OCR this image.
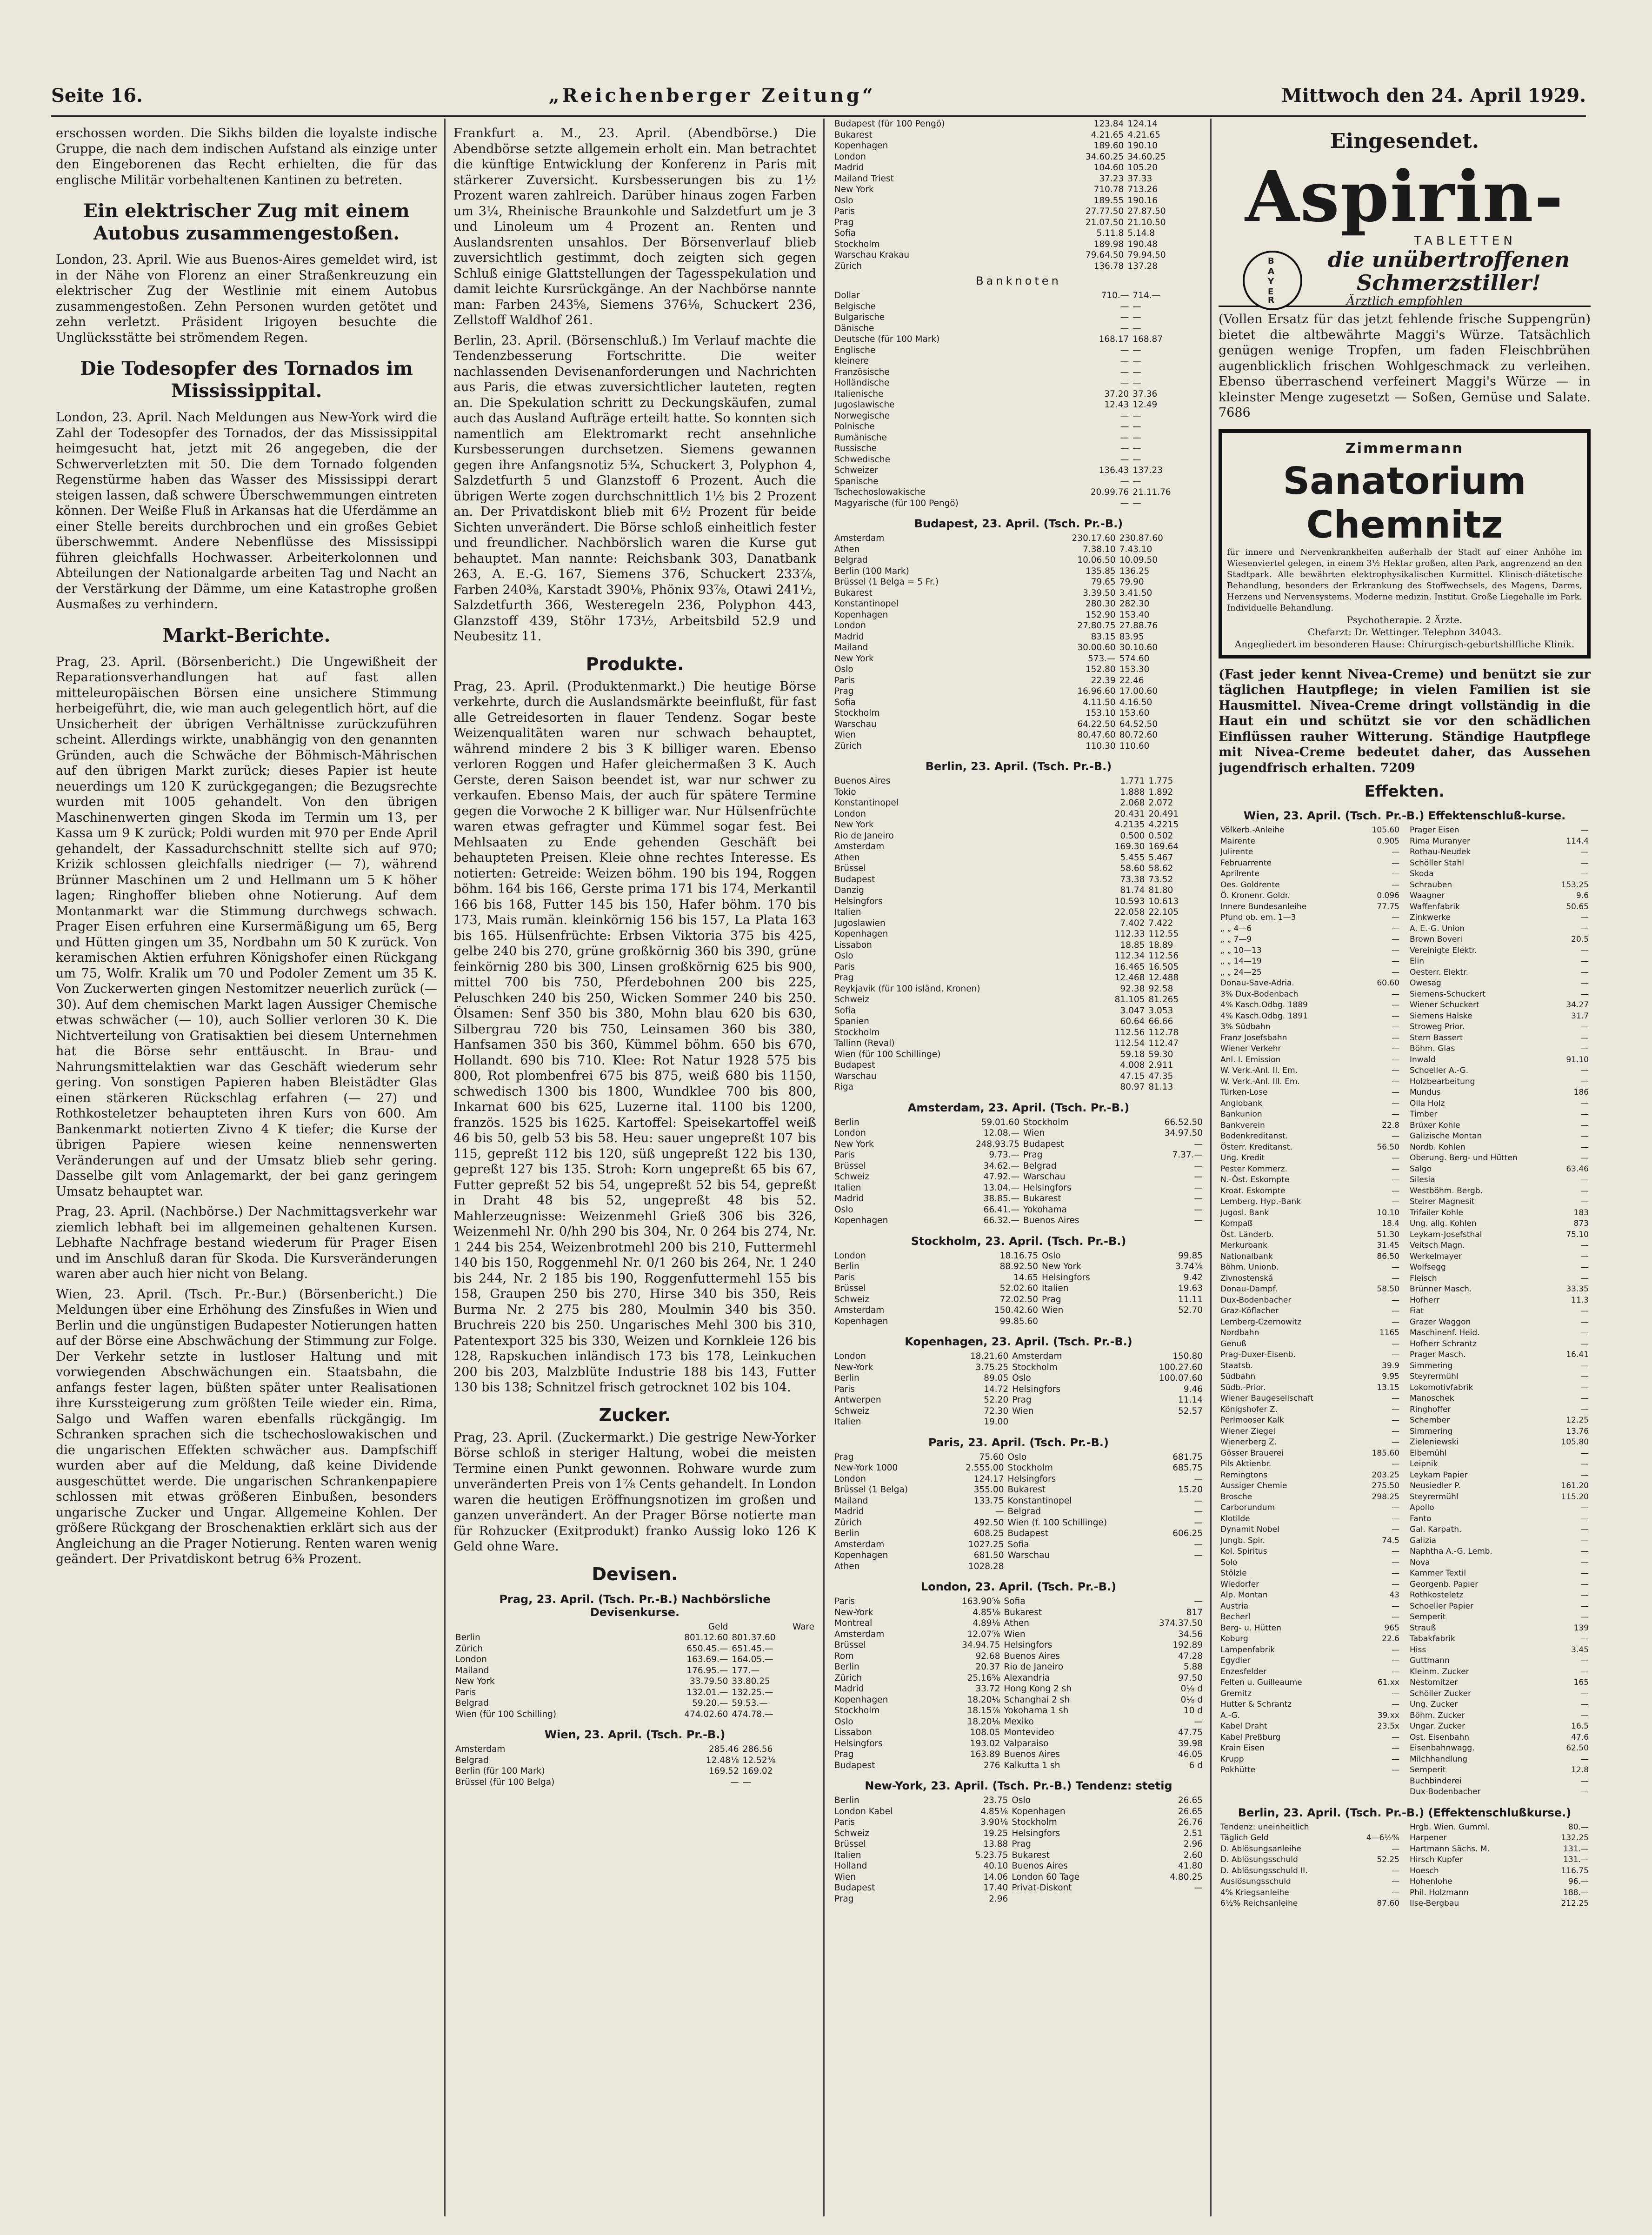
Seite 16.	„Reichenberger Zeitung“	Mittwoch den 24. April 1929.

erschossen worden. Die Sikhs bilden die loyalste indische Gruppe, die nach dem indischen Aufstand als einzige unter den Eingeborenen das Recht erhielten, die für das englische Militär vorbehaltenen Kantinen zu betreten.

Ein elektrischer Zug mit einem Autobus zusammengestoßen.

London, 23. April. Wie aus Buenos-Aires gemeldet wird, ist in der Nähe von Florenz an einer Straßenkreuzung ein elektrischer Zug der Westlinie mit einem Autobus zusammengestoßen. Zehn Personen wurden getötet und zehn verletzt. Präsident Irigoyen besuchte die Unglücksstätte bei strömendem Regen.

Die Todesopfer des Tornados im Mississippital.

London, 23. April. Nach Meldungen aus New-York wird die Zahl der Todesopfer des Tornados, der das Mississippital heimgesucht hat, jetzt mit 26 angegeben, die der Schwerverletzten mit 50. Die dem Tornado folgenden Regenstürme haben das Wasser des Mississippi derart steigen lassen, daß schwere Überschwemmungen eintreten können. Der Weiße Fluß in Arkansas hat die Uferdämme an einer Stelle bereits durchbrochen und ein großes Gebiet überschwemmt. Andere Nebenflüsse des Mississippi führen gleichfalls Hochwasser. Arbeiterkolonnen und Abteilungen der Nationalgarde arbeiten Tag und Nacht an der Verstärkung der Dämme, um eine Katastrophe großen Ausmaßes zu verhindern.

Markt-Berichte.

Prag, 23. April. (Börsenbericht.) Die Ungewißheit der Reparationsverhandlungen hat auf fast allen mitteleuropäischen Börsen eine unsichere Stimmung herbeigeführt, die, wie man auch gelegentlich hört, auf die Unsicherheit der übrigen Verhältnisse zurückzuführen scheint. Allerdings wirkte, unabhängig von den genannten Gründen, auch die Schwäche der Böhmisch-Mährischen auf den übrigen Markt zurück; dieses Papier ist heute neuerdings um 120 K zurückgegangen; die Bezugsrechte wurden mit 1005 gehandelt. Von den übrigen Maschinenwerten gingen Skoda im Termin um 13, per Kassa um 9 K zurück; Poldi wurden mit 970 per Ende April gehandelt, der Kassadurchschnitt stellte sich auf 970; Kriżik schlossen gleichfalls niedriger (— 7), während Brünner Maschinen um 2 und Hellmann um 5 K höher lagen; Ringhoffer blieben ohne Notierung. Auf dem Montanmarkt war die Stimmung durchwegs schwach. Prager Eisen erfuhren eine Kursermäßigung um 65, Berg und Hütten gingen um 35, Nordbahn um 50 K zurück. Von keramischen Aktien erfuhren Königshofer einen Rückgang um 75, Wolfr. Kralik um 70 und Podoler Zement um 35 K. Von Zuckerwerten gingen Nestomitzer neuerlich zurück (— 30). Auf dem chemischen Markt lagen Aussiger Chemische etwas schwächer (— 10), auch Sollier verloren 30 K. Die Nichtverteilung von Gratisaktien bei diesem Unternehmen hat die Börse sehr enttäuscht. In Brau- und Nahrungsmittelaktien war das Geschäft wiederum sehr gering. Von sonstigen Papieren haben Bleistädter Glas einen stärkeren Rückschlag erfahren (— 27) und Rothkosteletzer behaupteten ihren Kurs von 600. Am Bankenmarkt notierten Zivno 4 K tiefer; die Kurse der übrigen Papiere wiesen keine nennenswerten Veränderungen auf und der Umsatz blieb sehr gering. Dasselbe gilt vom Anlagemarkt, der bei ganz geringem Umsatz behauptet war.

Prag, 23. April. (Nachbörse.) Der Nachmittagsverkehr war ziemlich lebhaft bei im allgemeinen gehaltenen Kursen. Lebhafte Nachfrage bestand wiederum für Prager Eisen und im Anschluß daran für Skoda. Die Kursveränderungen waren aber auch hier nicht von Belang.

Wien, 23. April. (Tsch. Pr.-Bur.) (Börsenbericht.) Die Meldungen über eine Erhöhung des Zinsfußes in Wien und Berlin und die ungünstigen Budapester Notierungen hatten auf der Börse eine Abschwächung der Stimmung zur Folge. Der Verkehr setzte in lustloser Haltung und mit vorwiegenden Abschwächungen ein. Staatsbahn, die anfangs fester lagen, büßten später unter Realisationen ihre Kurssteigerung zum größten Teile wieder ein. Rima, Salgo und Waffen waren ebenfalls rückgängig. Im Schranken sprachen sich die tschechoslowakischen und die ungarischen Effekten schwächer aus. Dampfschiff wurden aber auf die Meldung, daß keine Dividende ausgeschüttet werde. Die ungarischen Schrankenpapiere schlossen mit etwas größeren Einbußen, besonders ungarische Zucker und Ungar. Allgemeine Kohlen. Der größere Rückgang der Broschenaktien erklärt sich aus der Angleichung an die Prager Notierung. Renten waren wenig geändert. Der Privatdiskont betrug 6⅜ Prozent.

Frankfurt a. M., 23. April. (Abendbörse.) Die Abendbörse setzte allgemein erholt ein. Man betrachtet die künftige Entwicklung der Konferenz in Paris mit stärkerer Zuversicht. Kursbesserungen bis zu 1½ Prozent waren zahlreich. Darüber hinaus zogen Farben um 3¼, Rheinische Braunkohle und Salzdetfurt um je 3 und Linoleum um 4 Prozent an. Renten und Auslandsrenten unsahlos. Der Börsenverlauf blieb zuversichtlich gestimmt, doch zeigten sich gegen Schluß einige Glattstellungen der Tagesspekulation und damit leichte Kursrückgänge. An der Nachbörse nannte man: Farben 243⅝, Siemens 376⅛, Schuckert 236, Zellstoff Waldhof 261.

Berlin, 23. April. (Börsenschluß.) Im Verlauf machte die Tendenzbesserung Fortschritte. Die weiter nachlassenden Devisenanforderungen und Nachrichten aus Paris, die etwas zuversichtlicher lauteten, regten an. Die Spekulation schritt zu Deckungskäufen, zumal auch das Ausland Aufträge erteilt hatte. So konnten sich namentlich am Elektromarkt recht ansehnliche Kursbesserungen durchsetzen. Siemens gewannen gegen ihre Anfangsnotiz 5¾, Schuckert 3, Polyphon 4, Salzdetfurth 5 und Glanzstoff 6 Prozent. Auch die übrigen Werte zogen durchschnittlich 1½ bis 2 Prozent an. Der Privatdiskont blieb mit 6½ Prozent für beide Sichten unverändert. Die Börse schloß einheitlich fester und freundlicher. Nachbörslich waren die Kurse gut behauptet. Man nannte: Reichsbank 303, Danatbank 263, A. E.-G. 167, Siemens 376, Schuckert 233⅞, Farben 240⅜, Karstadt 390⅛, Phönix 93⅞, Otawi 241½, Salzdetfurth 366, Westeregeln 236, Polyphon 443, Glanzstoff 439, Stöhr 173½, Arbeitsbild 52.9 und Neubesitz 11.

Produkte.

Prag, 23. April. (Produktenmarkt.) Die heutige Börse verkehrte, durch die Auslandsmärkte beeinflußt, für fast alle Getreidesorten in flauer Tendenz. Sogar beste Weizenqualitäten waren nur schwach behauptet, während mindere 2 bis 3 K billiger waren. Ebenso verloren Roggen und Hafer gleichermaßen 3 K. Auch Gerste, deren Saison beendet ist, war nur schwer zu verkaufen. Ebenso Mais, der auch für spätere Termine gegen die Vorwoche 2 K billiger war. Nur Hülsenfrüchte waren etwas gefragter und Kümmel sogar fest. Bei Mehlsaaten zu Ende gehenden Geschäft bei behaupteten Preisen. Kleie ohne rechtes Interesse. Es notierten: Getreide: Weizen böhm. 190 bis 194, Roggen böhm. 164 bis 166, Gerste prima 171 bis 174, Merkantil 166 bis 168, Futter 145 bis 150, Hafer böhm. 170 bis 173, Mais rumän. kleinkörnig 156 bis 157, La Plata 163 bis 165. Hülsenfrüchte: Erbsen Viktoria 375 bis 425, gelbe 240 bis 270, grüne großkörnig 360 bis 390, grüne feinkörnig 280 bis 300, Linsen großkörnig 625 bis 900, mittel 700 bis 750, Pferdebohnen 200 bis 225, Peluschken 240 bis 250, Wicken Sommer 240 bis 250. Ölsamen: Senf 350 bis 380, Mohn blau 620 bis 630, Silbergrau 720 bis 750, Leinsamen 360 bis 380, Hanfsamen 350 bis 360, Kümmel böhm. 650 bis 670, Hollandt. 690 bis 710. Klee: Rot Natur 1928 575 bis 800, Rot plombenfrei 675 bis 875, weiß 680 bis 1150, schwedisch 1300 bis 1800, Wundklee 700 bis 800, Inkarnat 600 bis 625, Luzerne ital. 1100 bis 1200, französ. 1525 bis 1625. Kartoffel: Speisekartoffel weiß 46 bis 50, gelb 53 bis 58. Heu: sauer ungepreßt 107 bis 115, gepreßt 112 bis 120, süß ungepreßt 122 bis 130, gepreßt 127 bis 135. Stroh: Korn ungepreßt 65 bis 67, Futter gepreßt 52 bis 54, ungepreßt 52 bis 54, gepreßt in Draht 48 bis 52, ungepreßt 48 bis 52. Mahlerzeugnisse: Weizenmehl Grieß 306 bis 326, Weizenmehl Nr. 0/hh 290 bis 304, Nr. 0 264 bis 274, Nr. 1 244 bis 254, Weizenbrotmehl 200 bis 210, Futtermehl 140 bis 150, Roggenmehl Nr. 0/1 260 bis 264, Nr. 1 240 bis 244, Nr. 2 185 bis 190, Roggenfuttermehl 155 bis 158, Graupen 250 bis 270, Hirse 340 bis 350, Reis Burma Nr. 2 275 bis 280, Moulmin 340 bis 350. Bruchreis 220 bis 250. Ungarisches Mehl 300 bis 310, Patentexport 325 bis 330, Weizen und Kornkleie 126 bis 128, Rapskuchen inländisch 173 bis 178, Leinkuchen 200 bis 203, Malzblüte Industrie 188 bis 143, Futter 130 bis 138; Schnitzel frisch getrocknet 102 bis 104.

Zucker.

Prag, 23. April. (Zuckermarkt.) Die gestrige New-Yorker Börse schloß in steriger Haltung, wobei die meisten Termine einen Punkt gewonnen. Rohware wurde zum unveränderten Preis von 1⅞ Cents gehandelt. In London waren die heutigen Eröffnungsnotizen im großen und ganzen unverändert. An der Prager Börse notierte man für Rohzucker (Exitprodukt) franko Aussig loko 126 K Geld ohne Ware.

Devisen.
Prag, 23. April. (Tsch. Pr.-B.) Nachbörsliche Devisenkurse.
	Geld	Ware
Berlin	801.12.60	801.37.60
Zürich	650.45.—	651.45.—
London	163.69.—	164.05.—
Mailand	176.95.—	177.—
New York	33.79.50	33.80.25
Paris	132.01.—	132.25.—
Belgrad	59.20.—	59.53.—
Wien (für 100 Schilling)	474.02.60	474.78.—
Wien, 23. April. (Tsch. Pr.-B.)
Amsterdam	285.46	286.56
Belgrad	12.48⅛	12.52⅜
Berlin (für 100 Mark)	169.52	169.02
Brüssel (für 100 Belga)	—	—
Budapest (für 100 Pengö)	123.84	124.14
Bukarest	4.21.65	4.21.65
Kopenhagen	189.60	190.10
London	34.60.25	34.60.25
Madrid	104.60	105.20
Mailand Triest	37.23	37.33
New York	710.78	713.26
Oslo	189.55	190.16
Paris	27.77.50	27.87.50
Prag	21.07.50	21.10.50
Sofia	5.11.8	5.14.8
Stockholm	189.98	190.48
Warschau Krakau	79.64.50	79.94.50
Zürich	136.78	137.28
Banknoten
Dollar	710.—	714.—
Belgische	—	—
Bulgarische	—	—
Dänische	—	—
Deutsche (für 100 Mark)	168.17	168.87
Englische	—	—
kleinere	—	—
Französische	—	—
Holländische	—	—
Italienische	37.20	37.36
Jugoslawische	12.43	12.49
Norwegische	—	—
Polnische	—	—
Rumänische	—	—
Russische	—	—
Schwedische	—	—
Schweizer	136.43	137.23
Spanische	—	—
Tschechoslowakische	20.99.76	21.11.76
Magyarische (für 100 Pengö)	—	—
Budapest, 23. April. (Tsch. Pr.-B.)
Amsterdam	230.17.60	230.87.60
Athen	7.38.10	7.43.10
Belgrad	10.06.50	10.09.50
Berlin (100 Mark)	135.85	136.25
Brüssel (1 Belga = 5 Fr.)	79.65	79.90
Bukarest	3.39.50	3.41.50
Konstantinopel	280.30	282.30
Kopenhagen	152.90	153.40
London	27.80.75	27.88.76
Madrid	83.15	83.95
Mailand	30.00.60	30.10.60
New York	573.—	574.60
Oslo	152.80	153.30
Paris	22.39	22.46
Prag	16.96.60	17.00.60
Sofia	4.11.50	4.16.50
Stockholm	153.10	153.60
Warschau	64.22.50	64.52.50
Wien	80.47.60	80.72.60
Zürich	110.30	110.60
Berlin, 23. April. (Tsch. Pr.-B.)
Buenos Aires	1.771	1.775
Tokio	1.888	1.892
Konstantinopel	2.068	2.072
London	20.431	20.491
New York	4.2135	4.2215
Rio de Janeiro	0.500	0.502
Amsterdam	169.30	169.64
Athen	5.455	5.467
Brüssel	58.60	58.62
Budapest	73.38	73.52
Danzig	81.74	81.80
Helsingfors	10.593	10.613
Italien	22.058	22.105
Jugoslawien	7.402	7.422
Kopenhagen	112.33	112.55
Lissabon	18.85	18.89
Oslo	112.34	112.56
Paris	16.465	16.505
Prag	12.468	12.488
Reykjavik (für 100 isländ. Kronen)	92.38	92.58
Schweiz	81.105	81.265
Sofia	3.047	3.053
Spanien	60.64	66.66
Stockholm	112.56	112.78
Tallinn (Reval)	112.54	112.47
Wien (für 100 Schillinge)	59.18	59.30
Budapest	4.008	2.911
Warschau	47.15	47.35
Riga	80.97	81.13
Amsterdam, 23. April. (Tsch. Pr.-B.)
Berlin	59.01.60	Stockholm	66.52.50
London	12.08.—	Wien	34.97.50
New York	248.93.75	Budapest	—
Paris	9.73.—	Prag	7.37.—
Brüssel	34.62.—	Belgrad	—
Schweiz	47.92.—	Warschau	—
Italien	13.04.—	Helsingfors	—
Madrid	38.85.—	Bukarest	—
Oslo	66.41.—	Yokohama	—
Kopenhagen	66.32.—	Buenos Aires	—
Stockholm, 23. April. (Tsch. Pr.-B.)
London	18.16.75	Oslo	99.85
Berlin	88.92.50	New York	3.74⅞
Paris	14.65	Helsingfors	9.42
Brüssel	52.02.60	Italien	19.63
Schweiz	72.02.50	Prag	11.11
Amsterdam	150.42.60	Wien	52.70
Kopenhagen	99.85.60		
Kopenhagen, 23. April. (Tsch. Pr.-B.)
London	18.21.60	Amsterdam	150.80
New-York	3.75.25	Stockholm	100.27.60
Berlin	89.05	Oslo	100.07.60
Paris	14.72	Helsingfors	9.46
Antwerpen	52.20	Prag	11.14
Schweiz	72.30	Wien	52.57
Italien	19.00		
Paris, 23. April. (Tsch. Pr.-B.)
Prag	75.60	Oslo	681.75
New-York 1000	2.555.00	Stockholm	685.75
London	124.17	Helsingfors	—
Brüssel (1 Belga)	355.00	Bukarest	15.20
Mailand	133.75	Konstantinopel	—
Madrid	—	Belgrad	—
Zürich	492.50	Wien (f. 100 Schillinge)	—
Berlin	608.25	Budapest	606.25
Amsterdam	1027.25	Sofia	—
Kopenhagen	681.50	Warschau	—
Athen	1028.28		
London, 23. April. (Tsch. Pr.-B.)
Paris	163.90⅝	Sofia	—
New-York	4.85⅛	Bukarest	817
Montreal	4.89⅛	Athen	374.37.50
Amsterdam	12.07⅝	Wien	34.56
Brüssel	34.94.75	Helsingfors	192.89
Rom	92.68	Buenos Aires	47.28
Berlin	20.37	Rio de Janeiro	5.88
Zürich	25.16⅝	Alexandria	97.50
Madrid	33.72	Hong Kong 2 sh	0⅛ d
Kopenhagen	18.20⅛	Schanghai 2 sh	0⅛ d
Stockholm	18.15⅞	Yokohama 1 sh	10 d
Oslo	18.20⅛	Mexiko	—
Lissabon	108.05	Montevideo	47.75
Helsingfors	193.02	Valparaiso	39.98
Prag	163.89	Buenos Aires	46.05
Budapest	276	Kalkutta 1 sh	6 d
New-York, 23. April. (Tsch. Pr.-B.) Tendenz: stetig
Berlin	23.75	Oslo	26.65
London Kabel	4.85⅛	Kopenhagen	26.65
Paris	3.90⅛	Stockholm	26.76
Schweiz	19.25	Helsingfors	2.51
Brüssel	13.88	Prag	2.96
Italien	5.23.75	Bukarest	2.60
Holland	40.10	Buenos Aires	41.80
Wien	14.06	London 60 Tage	4.80.25
Budapest	17.40	Privat-Diskont	—
Prag	2.96		
Eingesendet.
Aspirin-
TABLETTEN
die unübertroffenen
Schmerzstiller!
Ärztlich empfohlen
B
A
Y
E
R

(Vollen Ersatz für das jetzt fehlende frische Suppengrün) bietet die altbewährte Maggi's Würze. Tatsächlich genügen wenige Tropfen, um faden Fleischbrühen augenblicklich frischen Wohlgeschmack zu verleihen. Ebenso überraschend verfeinert Maggi's Würze — in kleinster Menge zugesetzt — Soßen, Gemüse und Salate. 7686

Zimmermann
Sanatorium Chemnitz
für innere und Nervenkrankheiten außerhalb der Stadt auf einer Anhöhe im Wiesenviertel gelegen, in einem 3½ Hektar großen, alten Park, angrenzend an den Stadtpark. Alle bewährten elektrophysikalischen Kurmittel. Klinisch-diätetische Behandlung, besonders der Erkrankung des Stoffwechsels, des Magens, Darms, Herzens und Nervensystems. Moderne medizin. Institut. Große Liegehalle im Park. Individuelle Behandlung.
Psychotherapie. 2 Ärzte.
Chefarzt: Dr. Wettinger. Telephon 34043.
Angegliedert im besonderen Hause: Chirurgisch-geburtshilfliche Klinik.

(Fast jeder kennt Nivea-Creme) und benützt sie zur täglichen Hautpflege; in vielen Familien ist sie Hausmittel. Nivea-Creme dringt vollständig in die Haut ein und schützt sie vor den schädlichen Einflüssen rauher Witterung. Ständige Hautpflege mit Nivea-Creme bedeutet daher, das Aussehen jugendfrisch erhalten. 7209

Effekten.
Wien, 23. April. (Tsch. Pr.-B.) Effektenschluß-kurse.
Völkerb.-Anleihe	105.60
Mairente	0.905
Julirente	—
Februarrente	—
Aprilrente	—
Oes. Goldrente	—
Ö. Kronenr. Goldr.	0.096
Innere Bundesanleihe	77.75
Pfund ob. em. 1—3	—
„ „ 4—6	—
„ „ 7—9	—
„ „ 10—13	—
„ „ 14—19	—
„ „ 24—25	—
Donau-Save-Adria.	60.60
3% Dux-Bodenbach	—
4% Kasch.Odbg. 1889	—
4% Kasch.Odbg. 1891	—
3% Südbahn	—
Franz Josefsbahn	—
Wiener Verkehr	—
Anl. I. Emission	—
W. Verk.-Anl. II. Em.	—
W. Verk.-Anl. III. Em.	—
Türken-Lose	—
Anglobank	—
Bankunion	—
Bankverein	22.8
Bodenkreditanst.	—
Österr. Kreditanst.	56.50
Ung. Kredit	—
Pester Kommerz.	—
N.-Öst. Eskompte	—
Kroat. Eskompte	—
Lemberg. Hyp.-Bank	—
Jugosl. Bank	10.10
Kompaß	18.4
Öst. Länderb.	51.30
Merkurbank	31.45
Nationalbank	86.50
Böhm. Unionb.	—
Zivnostenská	—
Donau-Dampf.	58.50
Dux-Bodenbacher	—
Graz-Köflacher	—
Lemberg-Czernowitz	—
Nordbahn	1165
Genuß	—
Prag-Duxer-Eisenb.	—
Staatsb.	39.9
Südbahn	9.95
Südb.-Prior.	13.15
Wiener Baugesellschaft	—
Königshofer Z.	—
Perlmooser Kalk	—
Wiener Ziegel	—
Wienerberg Z.	—
Gösser Brauerei	185.60
Pils Aktienbr.	—
Remingtons	203.25
Aussiger Chemie	275.50
Brosche	298.25
Carborundum	—
Klotilde	—
Dynamit Nobel	—
Jungb. Spir.	74.5
Kol. Spiritus	—
Solo	—
Stölzle	—
Wiedorfer	—
Alp. Montan	43
Austria	—
Becherl	—
Berg- u. Hütten	965
Koburg	22.6
Lampenfabrik	—
Egydier	—
Enzesfelder	—
Felten u. Guilleaume	61.xx
Gremitz	—
Hutter & Schrantz	—
A.-G.	39.xx
Kabel Draht	23.5x
Kabel Preßburg	—
Krain Eisen	—
Krupp	—
Pokhütte	—
Prager Eisen	—
Rima Muranyer	114.4
Rothau-Neudek	—
Schöller Stahl	—
Skoda	—
Schrauben	153.25
Waagner	9.6
Waffenfabrik	50.65
Zinkwerke	—
A. E.-G. Union	—
Brown Boveri	20.5
Vereinigte Elektr.	—
Elin	—
Oesterr. Elektr.	—
Owesag	—
Siemens-Schuckert	—
Wiener Schuckert	34.27
Siemens Halske	31.7
Stroweg Prior.	—
Stern Bassert	—
Böhm. Glas	—
Inwald	91.10
Schoeller A.-G.	—
Holzbearbeitung	—
Mundus	186
Olla Holz	—
Timber	—
Brüxer Kohle	—
Galizische Montan	—
Nordb. Kohlen	—
Oberung. Berg- und Hütten	—
Salgo	63.46
Silesia	—
Westböhm. Bergb.	—
Steirer Magnesit	—
Trifailer Kohle	183
Ung. allg. Kohlen	873
Leykam-Josefsthal	75.10
Veitsch Magn.	—
Werkelmayer	—
Wolfsegg	—
Fleisch	—
Brünner Masch.	33.35
Hofherr	11.3
Fiat	—
Grazer Waggon	—
Maschinenf. Heid.	—
Hofherr Schrantz	—
Prager Masch.	16.41
Simmering	—
Steyrermühl	—
Lokomotivfabrik	—
Manoschek	—
Ringhoffer	—
Schember	12.25
Simmering	13.76
Zieleniewski	105.80
Elbemühl	—
Leipnik	—
Leykam Papier	—
Neusiedler P.	161.20
Steyrermühl	115.20
Apollo	—
Fanto	—
Gal. Karpath.	—
Galizia	—
Naphtha A.-G. Lemb.	—
Nova	—
Kammer Textil	—
Georgenb. Papier	—
Rothkosteletz	—
Schoeller Papier	—
Semperit	—
Strauß	139
Tabakfabrik	—
Hiss	3.45
Guttmann	—
Kleinm. Zucker	—
Nestomitzer	165
Schöller Zucker	—
Ung. Zucker	—
Böhm. Zucker	—
Ungar. Zucker	16.5
Ost. Eisenbahn	47.6
Eisenbahnwagg.	62.50
Milchhandlung	—
Semperit	12.8
Buchbinderei	—
Dux-Bodenbacher	—
Berlin, 23. April. (Tsch. Pr.-B.) (Effektenschlußkurse.)
Tendenz: uneinheitlich	
Täglich Geld	4—6½%
D. Ablösungsanleihe	—
D. Ablösungsschuld	52.25
D. Ablösungsschuld II.	—
Auslösungsschuld	—
4% Kriegsanleihe	—
6½% Reichsanleihe	87.60
Hrgb. Wien. Gumml.	80.—
Harpener	132.25
Hartmann Sächs. M.	131.—
Hirsch Kupfer	131.—
Hoesch	116.75
Hohenlohe	96.—
Phil. Holzmann	188.—
Ilse-Bergbau	212.25
